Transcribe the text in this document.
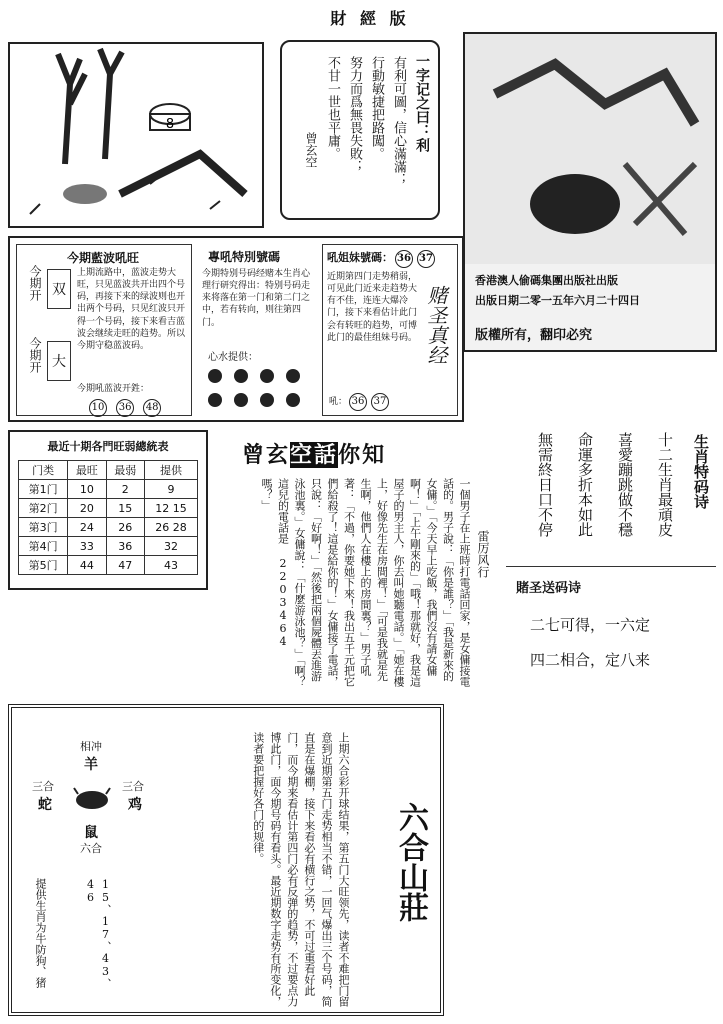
財 經 版
8	一字记之曰：利
有利可圖，信心滿滿；
行動敏捷把路闖。
努力而爲無畏失敗；
不甘一世也平庸。
曾玄空
香港澳人偷碼集團出版社出版
出版日期二零一五年六月二十四日
版權所有，翻印必究
今期藍波吼旺
今期开 双
今期开 大
上期流路中，蓝波走势大旺，只见蓝波共开出四个号码，再接下来的绿波则也开出两个号码，只见红波只开得一个号码，接下来看吉蓝波会继续走旺的趋势。所以今期守稳蓝波码。
今期吼蓝波开鉎：
10 36 48
專吼特別號碼
今期特别号码经赌本生肖心理行研究得出：特别号码走来将落在第一门和第二门之中，若有转向，则往第四门。
心水提供：
吼姐妹號碼： 36 37
近期第四门走势稍弱，可见此门近来走趋势大有不佳，连连大爆冷门，接下来看估计此门会有转旺的趋势，可博此门的最佳组妹号码。 赌圣真经
吼： 36 37
最近十期各門旺弱總統表
门类	最旺	最弱	提供
第1门	10	2	9
第2门	20	15	12 15
第3门	24	26	26 28
第4门	33	36	32
第5门	44	47	43
曾玄空話你知
雷厉风行
一個男子在上班時打電話回家，是女傭接電話的。男子說：「你是誰？」「我是新來的女傭。」「今天早上吃飯，我們沒有請女傭啊！」「上午剛來的」「哦！那就好，我是這屋子的男主人，你去叫她聽電話。」「她在樓上，好像先生在房間裡！」「可是我就是先生啊，他們人在樓上的房間裏？」男子吼著：「不過，你要她下來！我出五千元把它們給殺了！這是給你的！」女傭接了電話，只說：「好啊！」「然後把兩個屍體丟進游泳池裏。」女傭說：「什麼游泳池？」「啊？這兒的電話是 2203464 嗎？」	生肖特码诗
十二生肖最頑皮
喜愛蹦跳做不穩
命運多折本如此
無需終日口不停
賭圣送码诗
二七可得，一六定
四二相合，定八来
相冲
羊
三合
蛇
三合
鸡
鼠
六合
提供生肖为牛防狗、猪	15、17、43、46	上期六合彩开球结果，第五门大旺领先，读者不难把门留意到近期第五门走势相当不错，一回气爆出三个号码，简直是在爆棚，接下来看必有横行之势，不可过重看好此门，而今期来看估计第四门必有反弹的趋势，不过要点力博此门，面今期号码有看头。最近期数字走势有所变化，读者要把握好各门的规律。	六合山莊
